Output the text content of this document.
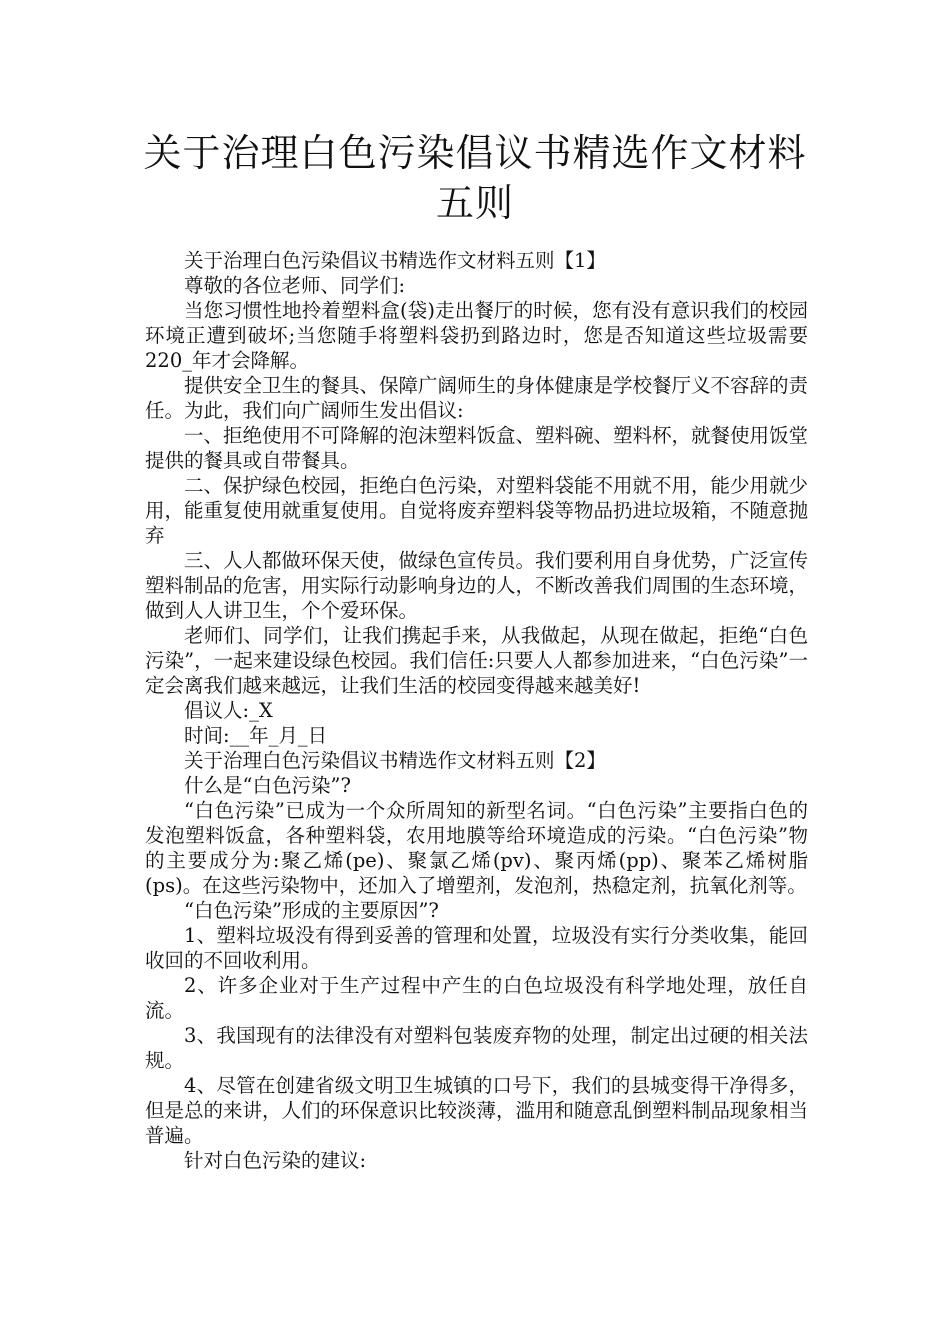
关于治理白色污染倡议书精选作文材料五则

关于治理白色污染倡议书精选作文材料五则【1】

尊敬的各位老师、同学们:

当您习惯性地拎着塑料盒(袋)走出餐厅的时候，您有没有意识我们的校园环境正遭到破坏;当您随手将塑料袋扔到路边时，您是否知道这些垃圾需要220_年才会降解。

提供安全卫生的餐具、保障广阔师生的身体健康是学校餐厅义不容辞的责任。为此，我们向广阔师生发出倡议:

一、拒绝使用不可降解的泡沫塑料饭盒、塑料碗、塑料杯，就餐使用饭堂提供的餐具或自带餐具。

二、保护绿色校园，拒绝白色污染，对塑料袋能不用就不用，能少用就少用，能重复使用就重复使用。自觉将废弃塑料袋等物品扔进垃圾箱，不随意抛弃

三、人人都做环保天使，做绿色宣传员。我们要利用自身优势，广泛宣传塑料制品的危害，用实际行动影响身边的人，不断改善我们周围的生态环境，做到人人讲卫生，个个爱环保。

老师们、同学们，让我们携起手来，从我做起，从现在做起，拒绝“白色污染”，一起来建设绿色校园。我们信任:只要人人都参加进来，“白色污染”一定会离我们越来越远，让我们生活的校园变得越来越美好!

倡议人:_X

时间:__年_月_日

关于治理白色污染倡议书精选作文材料五则【2】

什么是“白色污染”?

“白色污染”已成为一个众所周知的新型名词。“白色污染”主要指白色的发泡塑料饭盒，各种塑料袋，农用地膜等给环境造成的污染。“白色污染”物的主要成分为:聚乙烯(pe)、聚氯乙烯(pv)、聚丙烯(pp)、聚苯乙烯树脂(ps)。在这些污染物中，还加入了增塑剂，发泡剂，热稳定剂，抗氧化剂等。

“白色污染”形成的主要原因”?

1、塑料垃圾没有得到妥善的管理和处置，垃圾没有实行分类收集，能回收回的不回收利用。

2、许多企业对于生产过程中产生的白色垃圾没有科学地处理，放任自流。

3、我国现有的法律没有对塑料包装废弃物的处理，制定出过硬的相关法规。

4、尽管在创建省级文明卫生城镇的口号下，我们的县城变得干净得多，但是总的来讲，人们的环保意识比较淡薄，滥用和随意乱倒塑料制品现象相当普遍。

针对白色污染的建议:
